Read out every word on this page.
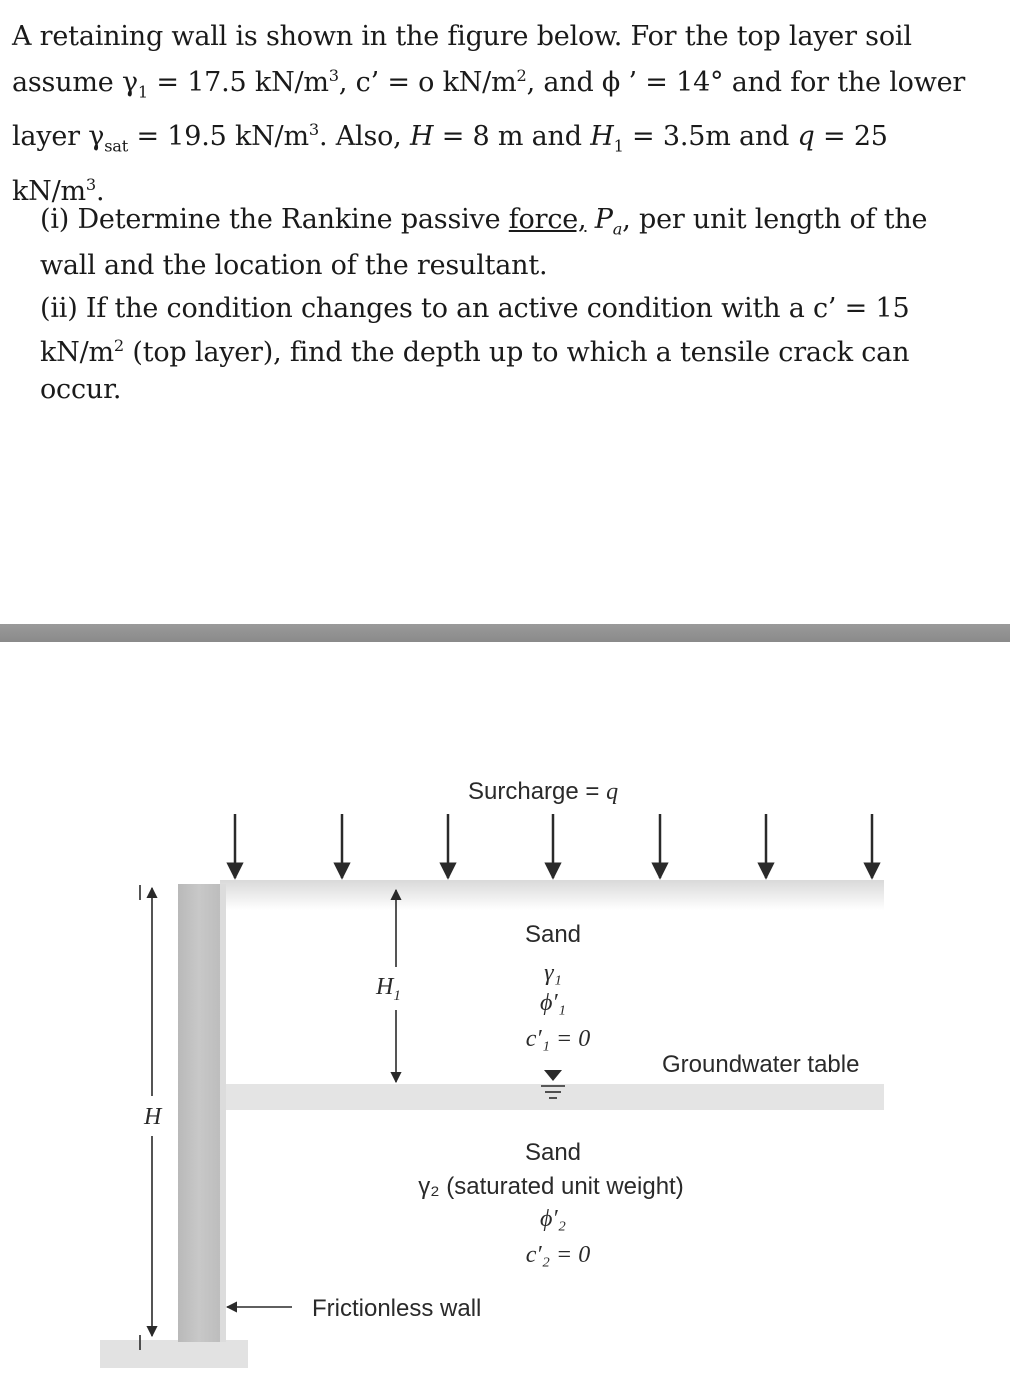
A retaining wall is shown in the figure below. For the top layer soil assume $\gamma_1 = 17.5$ $kN/m^3$, c’ = o $kN/m^2$, and ϕ ’ = 14° and for the lower layer $\gamma_{sat} = 19.5$ $kN/m^3$. Also, H = 8 m and $H_1 = 3.5m$ and q = 25 $kN/m^3$.
(i) Determine the Rankine passive force, $P_a$, per unit length of the wall and the location of the resultant.
(ii) If the condition changes to an active condition with a c’ = 15 $kN/m^2$ (top layer), find the depth up to which a tensile crack can occur.
Surcharge = q
$H_1$
H
Sand
γ₁
ϕ′₁
c′₁ = 0
Groundwater table
Sand
γ₂ (saturated unit weight)
ϕ′₂
c′₂ = 0
Frictionless wall
